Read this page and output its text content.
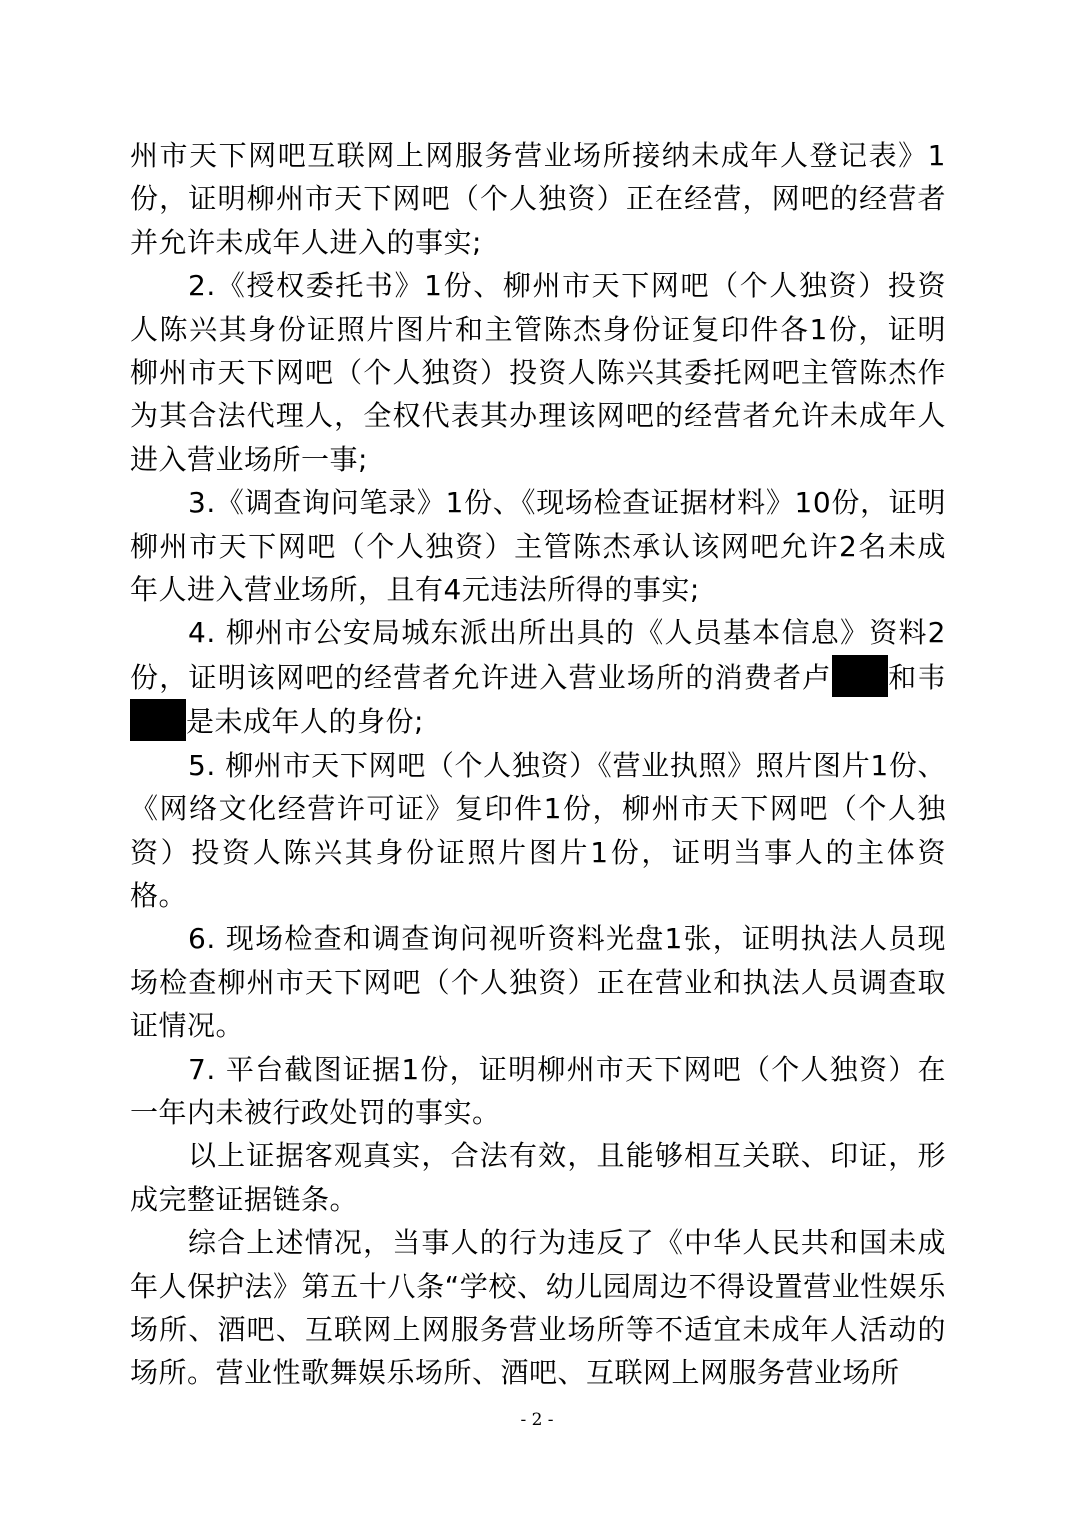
州市天下网吧互联网上网服务营业场所接纳未成年人登记表》1份，证明柳州市天下网吧（个人独资）正在经营，网吧的经营者并允许未成年人进入的事实;

2.《授权委托书》1份、柳州市天下网吧（个人独资）投资人陈兴其身份证照片图片和主管陈杰身份证复印件各1份，证明柳州市天下网吧（个人独资）投资人陈兴其委托网吧主管陈杰作为其合法代理人，全权代表其办理该网吧的经营者允许未成年人进入营业场所一事;

3.《调查询问笔录》1份、《现场检查证据材料》10份，证明柳州市天下网吧（个人独资）主管陈杰承认该网吧允许2名未成年人进入营业场所，且有4元违法所得的事实;

4. 柳州市公安局城东派出所出具的《人员基本信息》资料2份，证明该网吧的经营者允许进入营业场所的消费者卢 和韦是未成年人的身份;

5. 柳州市天下网吧（个人独资）《营业执照》照片图片1份、《网络文化经营许可证》复印件1份，柳州市天下网吧（个人独资）投资人陈兴其身份证照片图片1份，证明当事人的主体资格。

6. 现场检查和调查询问视听资料光盘1张，证明执法人员现场检查柳州市天下网吧（个人独资）正在营业和执法人员调查取证情况。

7. 平台截图证据1份，证明柳州市天下网吧（个人独资）在一年内未被行政处罚的事实。

以上证据客观真实，合法有效，且能够相互关联、印证，形成完整证据链条。

综合上述情况，当事人的行为违反了《中华人民共和国未成年人保护法》第五十八条“学校、幼儿园周边不得设置营业性娱乐场所、酒吧、互联网上网服务营业场所等不适宜未成年人活动的场所。营业性歌舞娱乐场所、酒吧、互联网上网服务营业场所

- 2 -
